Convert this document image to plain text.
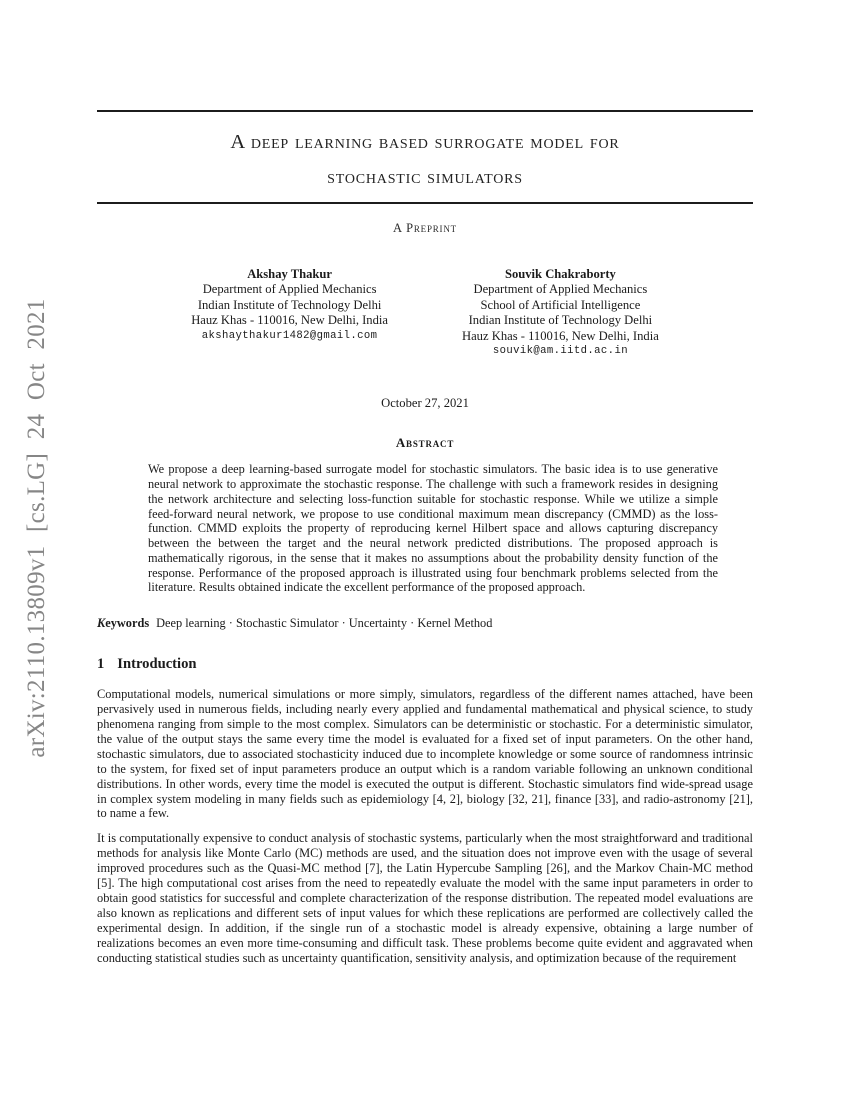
arXiv:2110.13809v1 [cs.LG] 24 Oct 2021
A deep learning based surrogate model for
stochastic simulators
A Preprint
Akshay Thakur
Department of Applied Mechanics
Indian Institute of Technology Delhi
Hauz Khas - 110016, New Delhi, India
akshaythakur1482@gmail.com
Souvik Chakraborty
Department of Applied Mechanics
School of Artificial Intelligence
Indian Institute of Technology Delhi
Hauz Khas - 110016, New Delhi, India
souvik@am.iitd.ac.in
October 27, 2021
Abstract

We propose a deep learning-based surrogate model for stochastic simulators. The basic idea is to use generative neural network to approximate the stochastic response. The challenge with such a framework resides in designing the network architecture and selecting loss-function suitable for stochastic response. While we utilize a simple feed-forward neural network, we propose to use conditional maximum mean discrepancy (CMMD) as the loss-function. CMMD exploits the property of reproducing kernel Hilbert space and allows capturing discrepancy between the between the target and the neural network predicted distributions. The proposed approach is mathematically rigorous, in the sense that it makes no assumptions about the probability density function of the response. Performance of the proposed approach is illustrated using four benchmark problems selected from the literature. Results obtained indicate the excellent performance of the proposed approach.

Keywords Deep learning · Stochastic Simulator · Uncertainty · Kernel Method
1 Introduction

Computational models, numerical simulations or more simply, simulators, regardless of the different names attached, have been pervasively used in numerous fields, including nearly every applied and fundamental mathematical and physical science, to study phenomena ranging from simple to the most complex. Simulators can be deterministic or stochastic. For a deterministic simulator, the value of the output stays the same every time the model is evaluated for a fixed set of input parameters. On the other hand, stochastic simulators, due to associated stochasticity induced due to incomplete knowledge or some source of randomness intrinsic to the system, for fixed set of input parameters produce an output which is a random variable following an unknown conditional distributions. In other words, every time the model is executed the output is different. Stochastic simulators find wide-spread usage in complex system modeling in many fields such as epidemiology [4, 2], biology [32, 21], finance [33], and radio-astronomy [21], to name a few.

It is computationally expensive to conduct analysis of stochastic systems, particularly when the most straightforward and traditional methods for analysis like Monte Carlo (MC) methods are used, and the situation does not improve even with the usage of several improved procedures such as the Quasi-MC method [7], the Latin Hypercube Sampling [26], and the Markov Chain-MC method [5]. The high computational cost arises from the need to repeatedly evaluate the model with the same input parameters in order to obtain good statistics for successful and complete characterization of the response distribution. The repeated model evaluations are also known as replications and different sets of input values for which these replications are performed are collectively called the experimental design. In addition, if the single run of a stochastic model is already expensive, obtaining a large number of realizations becomes an even more time-consuming and difficult task. These problems become quite evident and aggravated when conducting statistical studies such as uncertainty quantification, sensitivity analysis, and optimization because of the requirement
